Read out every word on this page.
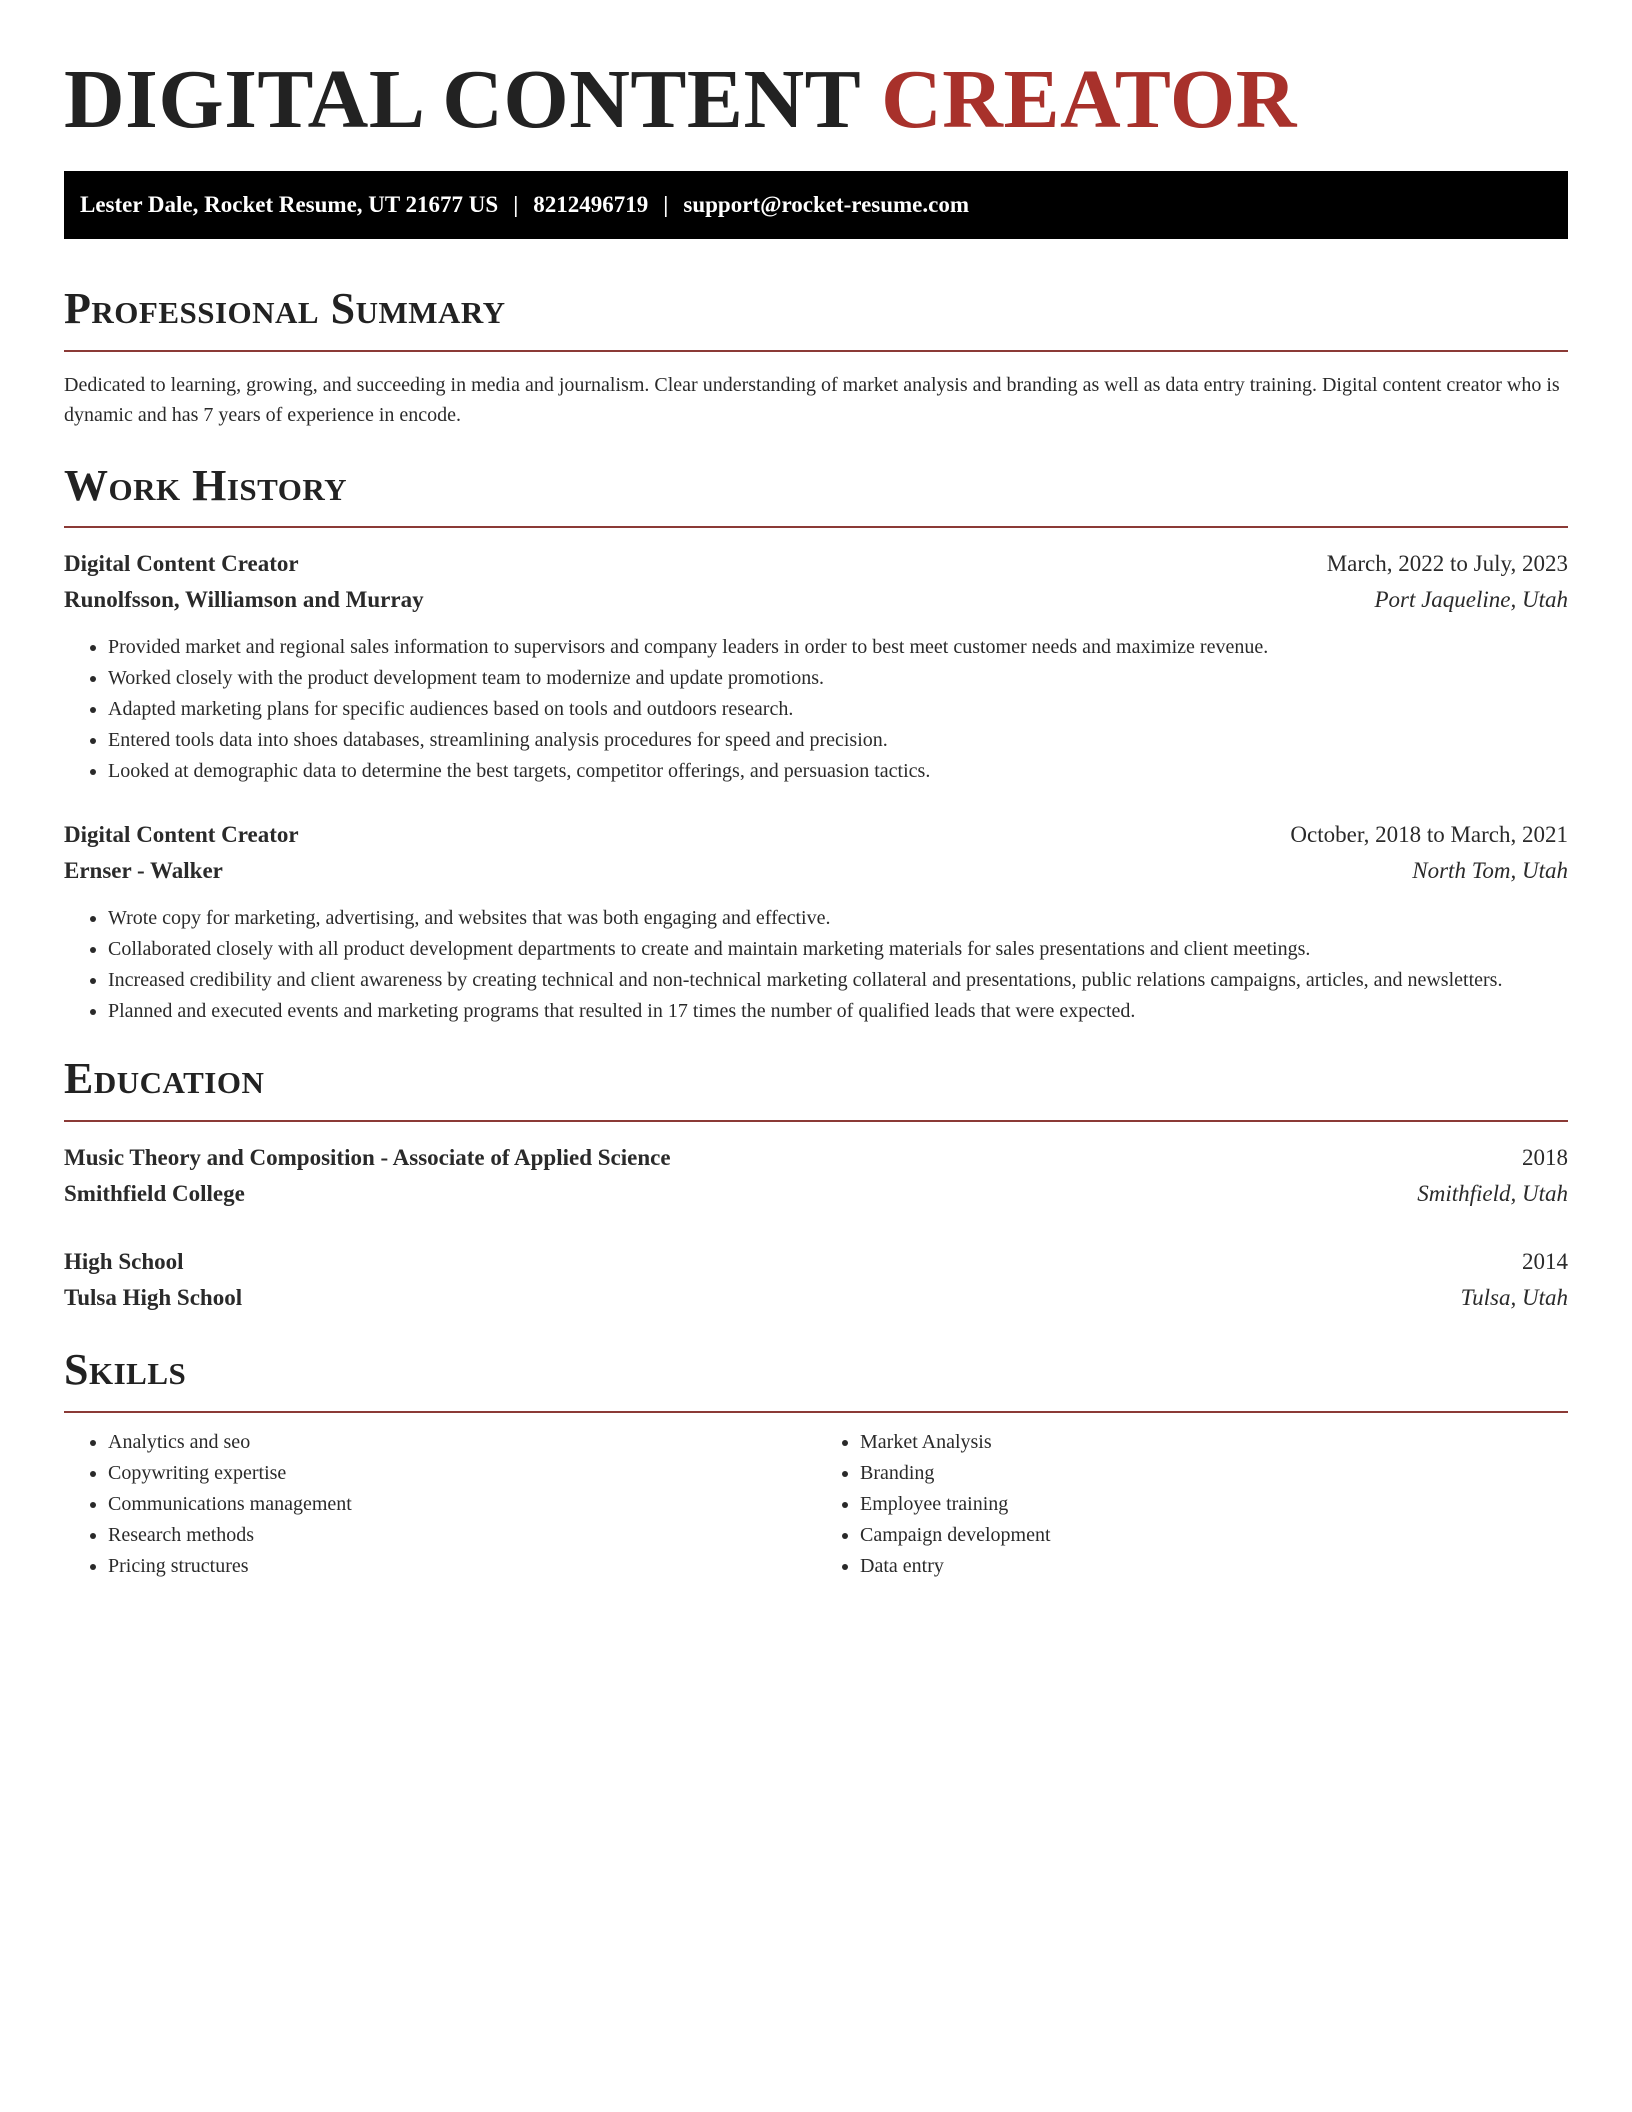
DIGITAL CONTENT CREATOR
Lester Dale, Rocket Resume, UT 21677 US | 8212496719 | support@rocket-resume.com
Professional Summary

Dedicated to learning, growing, and succeeding in media and journalism. Clear understanding of market analysis and branding as well as data entry training. Digital content creator who is dynamic and has 7 years of experience in encode.

Work History
Digital Content Creator	March, 2022 to July, 2023
Runolfsson, Williamson and Murray	Port Jaqueline, Utah
• Provided market and regional sales information to supervisors and company leaders in order to best meet customer needs and maximize revenue.
• Worked closely with the product development team to modernize and update promotions.
• Adapted marketing plans for specific audiences based on tools and outdoors research.
• Entered tools data into shoes databases, streamlining analysis procedures for speed and precision.
• Looked at demographic data to determine the best targets, competitor offerings, and persuasion tactics.
Digital Content Creator	October, 2018 to March, 2021
Ernser - Walker	North Tom, Utah
• Wrote copy for marketing, advertising, and websites that was both engaging and effective.
• Collaborated closely with all product development departments to create and maintain marketing materials for sales presentations and client meetings.
• Increased credibility and client awareness by creating technical and non-technical marketing collateral and presentations, public relations campaigns, articles, and newsletters.
• Planned and executed events and marketing programs that resulted in 17 times the number of qualified leads that were expected.
Education
Music Theory and Composition - Associate of Applied Science	2018
Smithfield College	Smithfield, Utah
High School	2014
Tulsa High School	Tulsa, Utah
Skills
• Analytics and seo
• Copywriting expertise
• Communications management
• Research methods
• Pricing structures
• Market Analysis
• Branding
• Employee training
• Campaign development
• Data entry
